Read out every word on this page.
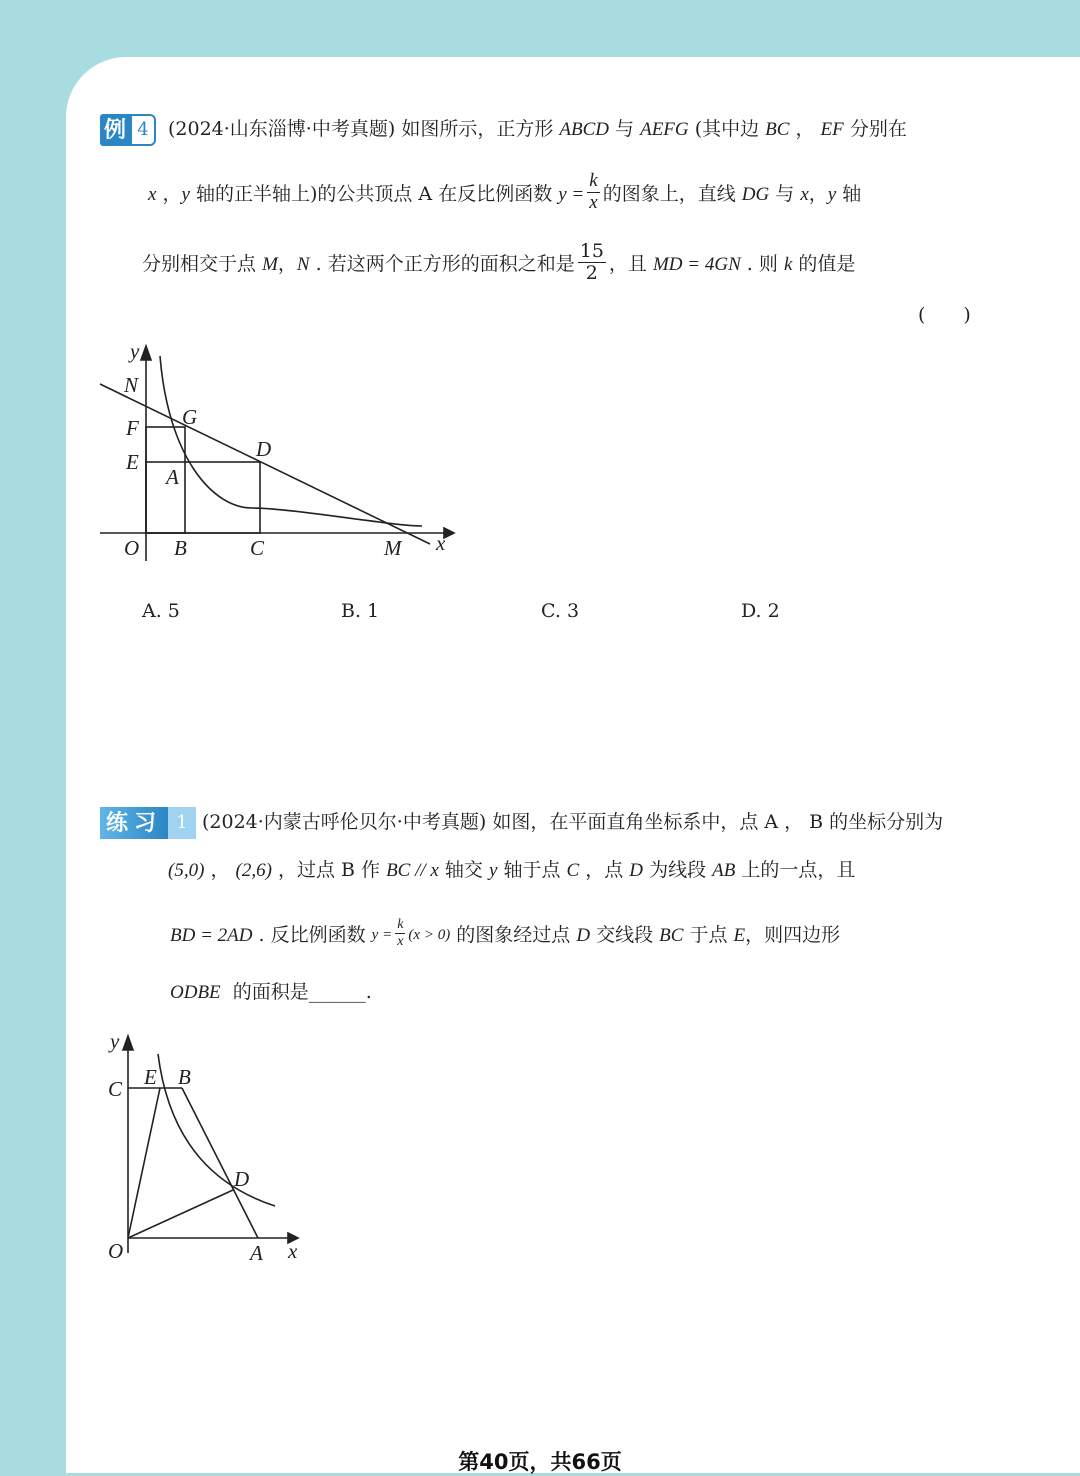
例 4	(2024·山东淄博·中考真题) 如图所示，正方形 ABCD 与 AEFG (其中边 BC ， EF 分别在
x
， y
轴的正半轴上)的公共顶点 A 在反比例函数
$y = \frac{k}{x}$ 的图象上，直线
DG
与
x ， y
轴
分别相交于点
M ， N
. 若这两个正方形的面积之和是 $\frac{15}{2}$ ，且
MD = 4GN
. 则
k
的值是
(　　)
y
N
F G
E
D
A
O B	C	M x
A. 5	B. 1	C. 3	D. 2
练习 1 (2024·内蒙古呼伦贝尔·中考真题) 如图，在平面直角坐标系中，点 A ， B 的坐标分别为
(5,0) ， (2,6) ，过点 B 作 BC // x 轴交 y 轴于点 C ，点 D 为线段 AB 上的一点，且
BD = 2AD
. 反比例函数
$y = \frac{k}{x} (x > 0)$
的图象经过点
D
交线段
BC
于点
E ，则四边形
ODBE 的面积是______.
y
C E B
D
O	A x
第40页，共66页
